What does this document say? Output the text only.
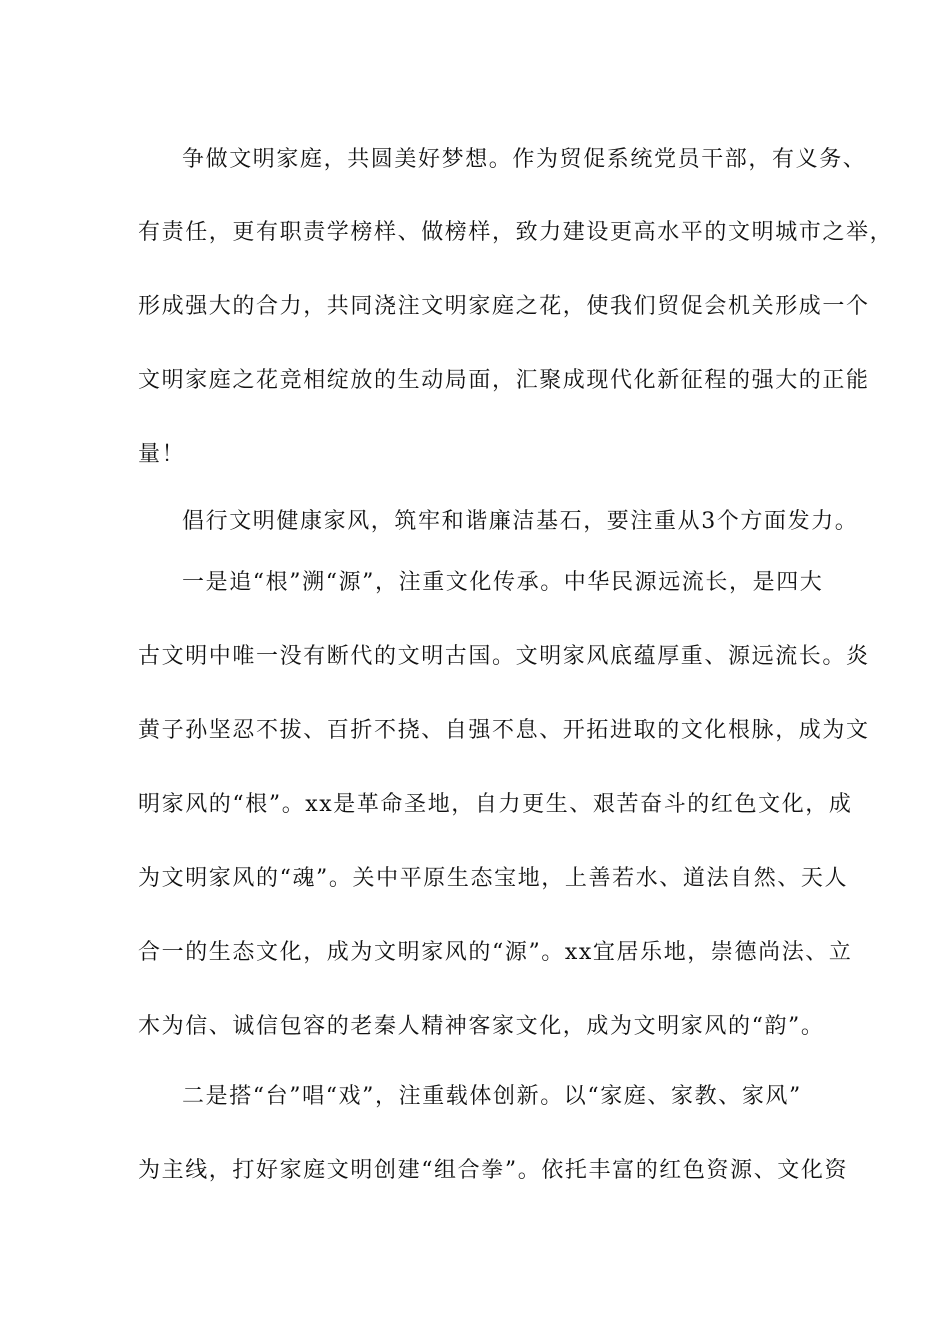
争做文明家庭，共圆美好梦想。作为贸促系统党员干部，有义务、
有责任，更有职责学榜样、做榜样，致力建设更高水平的文明城市之举，
形成强大的合力，共同浇注文明家庭之花，使我们贸促会机关形成一个
文明家庭之花竞相绽放的生动局面，汇聚成现代化新征程的强大的正能
量！
倡行文明健康家风，筑牢和谐廉洁基石，要注重从3个方面发力。
一是追“根”溯“源”，注重文化传承。中华民源远流长，是四大
古文明中唯一没有断代的文明古国。文明家风底蕴厚重、源远流长。炎
黄子孙坚忍不拔、百折不挠、自强不息、开拓进取的文化根脉，成为文
明家风的“根”。xx是革命圣地，自力更生、艰苦奋斗的红色文化，成
为文明家风的“魂”。关中平原生态宝地，上善若水、道法自然、天人
合一的生态文化，成为文明家风的“源”。xx宜居乐地，崇德尚法、立
木为信、诚信包容的老秦人精神客家文化，成为文明家风的“韵”。
二是搭“台”唱“戏”，注重载体创新。以“家庭、家教、家风”
为主线，打好家庭文明创建“组合拳”。依托丰富的红色资源、文化资
